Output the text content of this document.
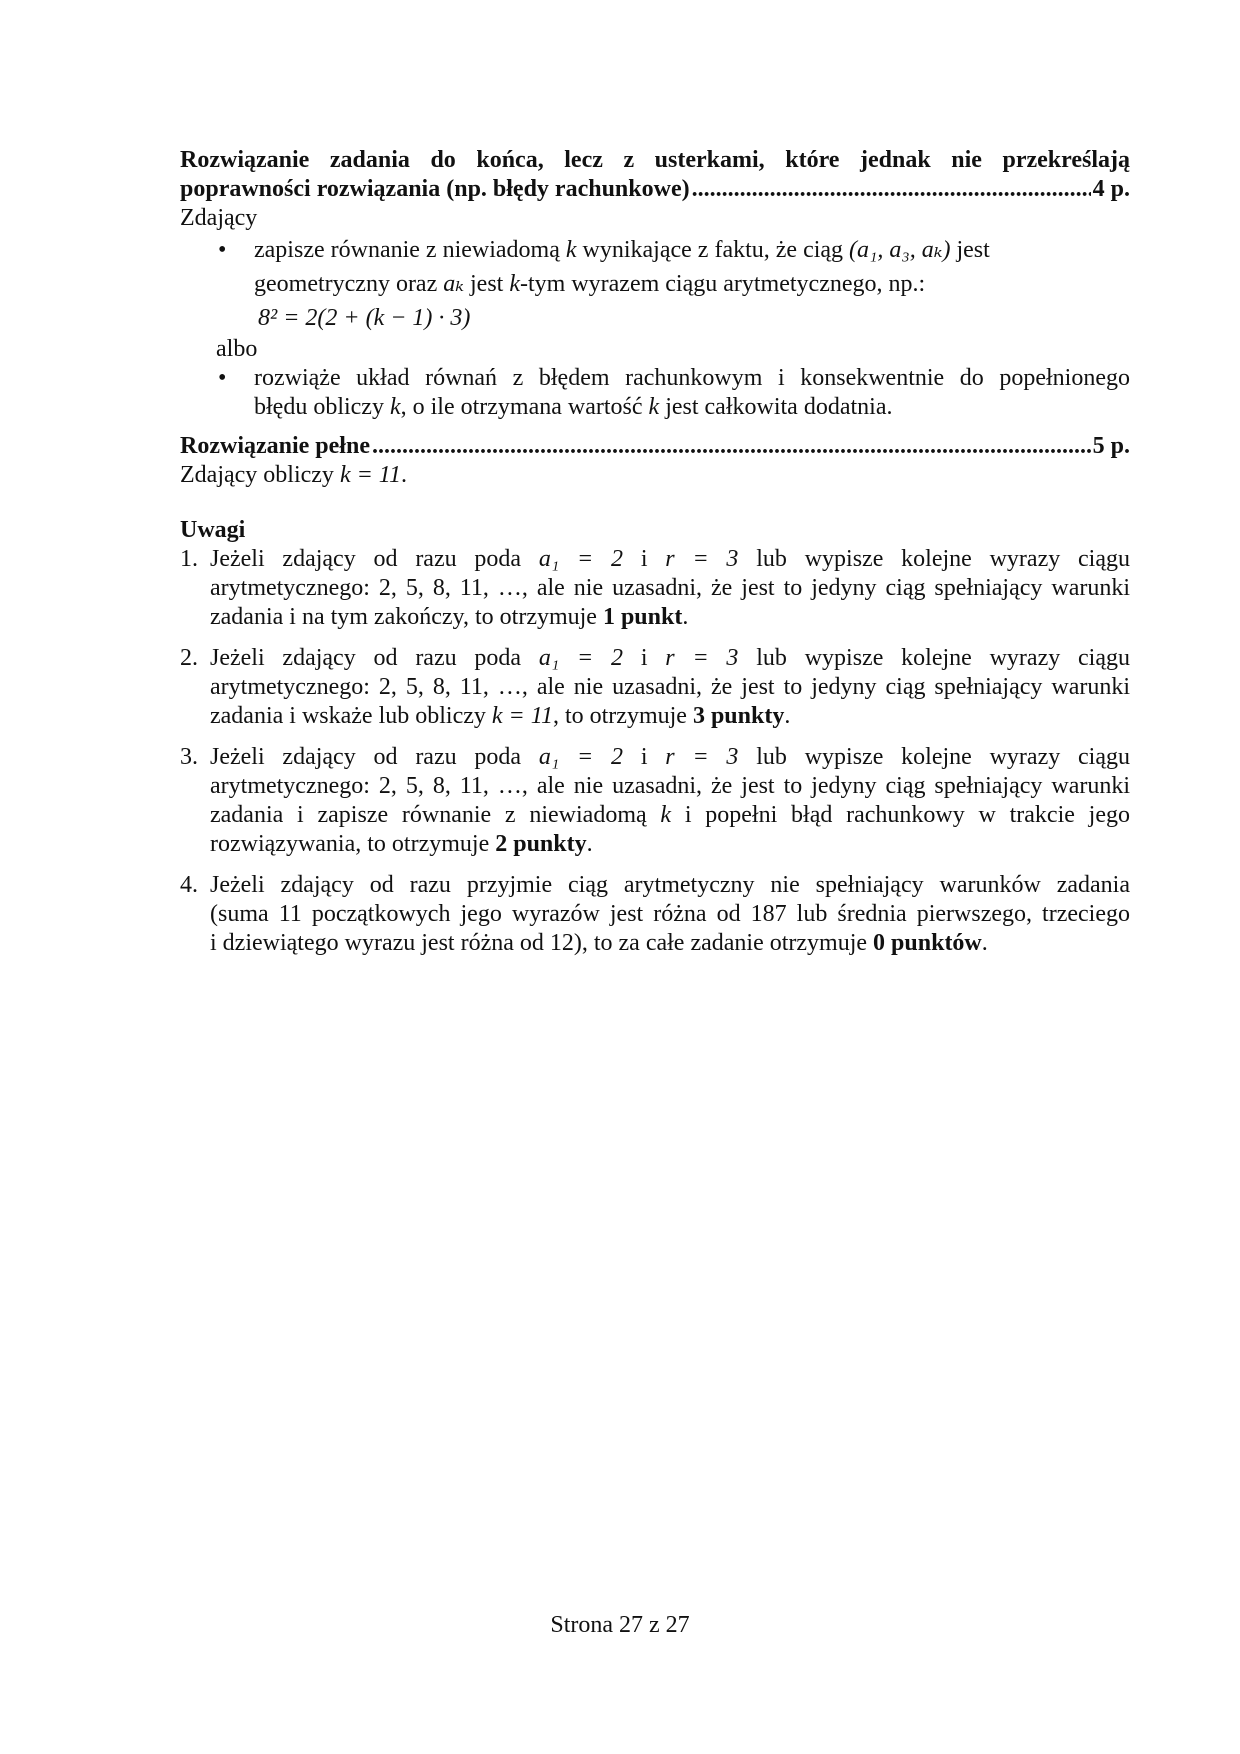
Rozwiązanie zadania do końca, lecz z usterkami, które jednak nie przekreślają

poprawności rozwiązania (np. błędy rachunkowe) .....	4 p.

Zdający

• zapisze równanie z niewiadomą k wynikające z faktu, że ciąg (a₁, a₃, aₖ) jest
geometryczny oraz aₖ jest k-tym wyrazem ciągu arytmetycznego, np.:
8² = 2(2 + (k − 1) · 3)

albo

• rozwiąże układ równań z błędem rachunkowym i konsekwentnie do popełnionego
błędu obliczy k, o ile otrzymana wartość k jest całkowita dodatnia.
Rozwiązanie pełne .....	5 p.

Zdający obliczy k = 11.

Uwagi

1. Jeżeli zdający od razu poda a₁ = 2 i r = 3 lub wypisze kolejne wyrazy ciągu
arytmetycznego: 2, 5, 8, 11, …, ale nie uzasadni, że jest to jedyny ciąg spełniający warunki
zadania i na tym zakończy, to otrzymuje 1 punkt.
2. Jeżeli zdający od razu poda a₁ = 2 i r = 3 lub wypisze kolejne wyrazy ciągu
arytmetycznego: 2, 5, 8, 11, …, ale nie uzasadni, że jest to jedyny ciąg spełniający warunki
zadania i wskaże lub obliczy k = 11, to otrzymuje 3 punkty.
3. Jeżeli zdający od razu poda a₁ = 2 i r = 3 lub wypisze kolejne wyrazy ciągu
arytmetycznego: 2, 5, 8, 11, …, ale nie uzasadni, że jest to jedyny ciąg spełniający warunki
zadania i zapisze równanie z niewiadomą k i popełni błąd rachunkowy w trakcie jego
rozwiązywania, to otrzymuje 2 punkty.
4. Jeżeli zdający od razu przyjmie ciąg arytmetyczny nie spełniający warunków zadania
(suma 11 początkowych jego wyrazów jest różna od 187 lub średnia pierwszego, trzeciego
i dziewiątego wyrazu jest różna od 12), to za całe zadanie otrzymuje 0 punktów.
Strona 27 z 27
